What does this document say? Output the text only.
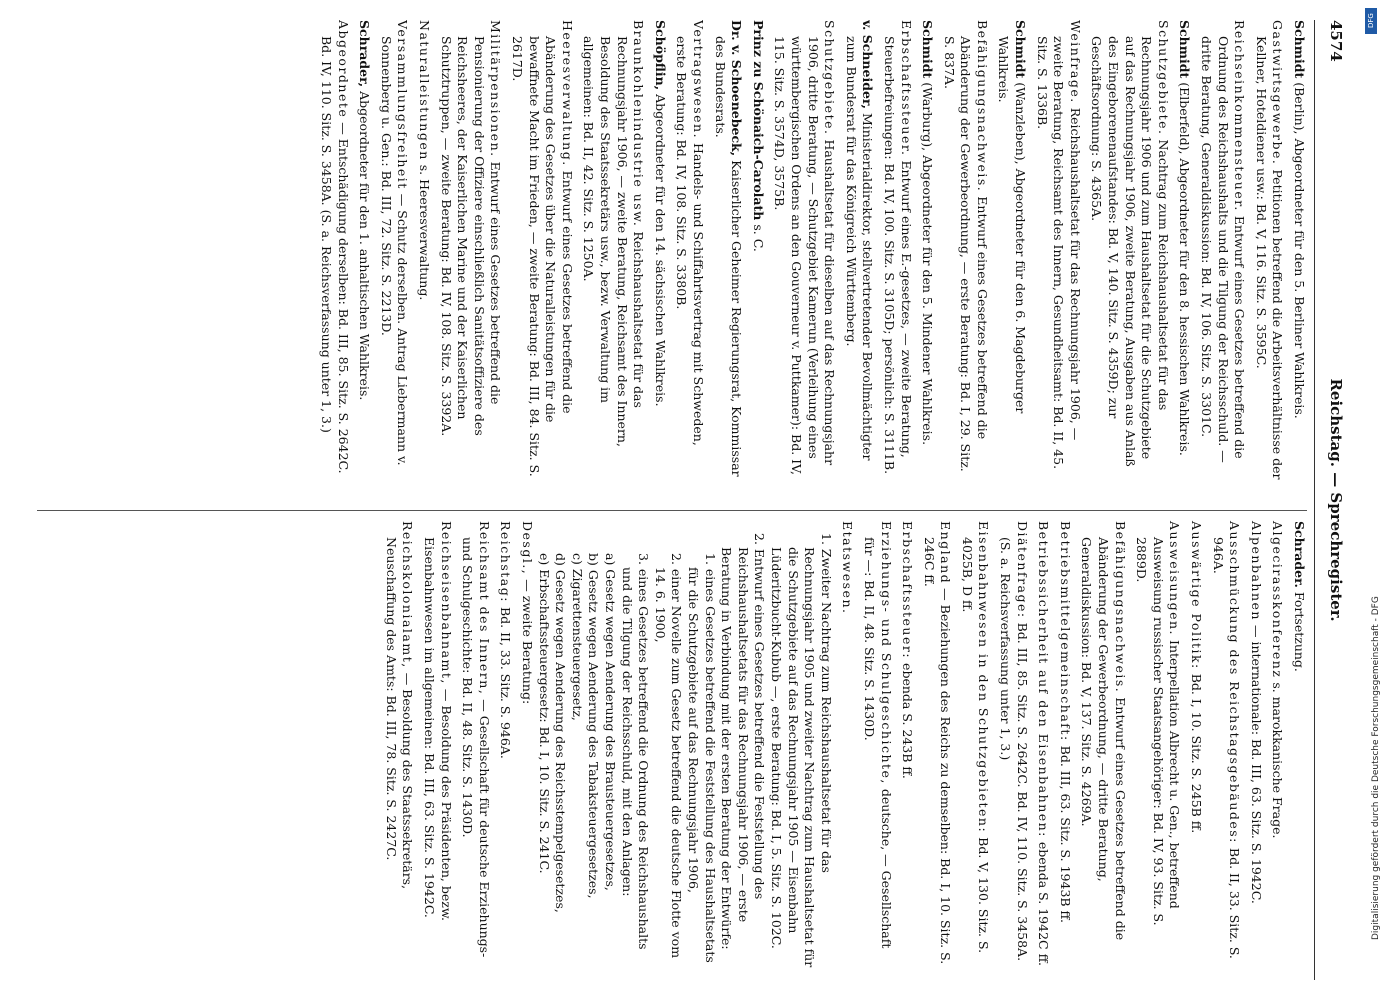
4574
Reichstag. — Sprechregister.

Schmidt (Berlin), Abgeordneter für den 5. Berliner Wahlkreis.

Gastwirtsgewerbe. Petitionen betreffend die Arbeitsverhältnisse der Kellner, Hoteldiener usw.: Bd. V, 116. Sitz. S. 3595C.

Reichseinkommensteuer. Entwurf eines Gesetzes betreffend die Ordnung des Reichshaushalts und die Tilgung der Reichsschuld. — dritte Beratung, Generaldiskussion: Bd. IV, 106. Sitz. S. 3301C.

Schmidt (Elberfeld), Abgeordneter für den 8. hessischen Wahlkreis.

Schutzgebiete. Nachtrag zum Reichshaushaltsetat für das Rechnungsjahr 1906 und zum Haushaltsetat für die Schutzgebiete auf das Rechnungsjahr 1906, zweite Beratung, Ausgaben aus Anlaß des Eingeborenenaufstandes: Bd. V, 140. Sitz. S. 4359D; zur Geschäftsordnung: S. 4365A.

Weinfrage. Reichshaushaltsetat für das Rechnungsjahr 1906, — zweite Beratung, Reichsamt des Innern, Gesundheitsamt: Bd. II, 45. Sitz. S. 1336B.

Schmidt (Wanzleben), Abgeordneter für den 6. Magdeburger Wahlkreis.

Befähigungsnachweis. Entwurf eines Gesetzes betreffend die Abänderung der Gewerbeordnung, — erste Beratung: Bd. I, 29. Sitz. S. 837A.

Schmidt (Warburg), Abgeordneter für den 5. Mindener Wahlkreis.

Erbschaftssteuer. Entwurf eines E.-gesetzes, — zweite Beratung, Steuerbefreiungen: Bd. IV, 100. Sitz. S. 3105D; persönlich: S. 3111B.

v. Schneider, Ministerialdirektor, stellvertretender Bevollmächtigter zum Bundesrat für das Königreich Württemberg.

Schutzgebiete. Haushaltsetat für dieselben auf das Rechnungsjahr 1906, dritte Beratung, — Schutzgebiet Kamerun (Verleihung eines württembergischen Ordens an den Gouverneur v. Puttkamer): Bd. IV, 115. Sitz. S. 3574D, 3575B.

Prinz zu Schönaich-Carolath s. C.

Dr. v. Schoenebeck, Kaiserlicher Geheimer Regierungsrat, Kommissar des Bundesrats.

Vertragswesen. Handels- und Schiffahrtsvertrag mit Schweden, erste Beratung: Bd. IV, 108. Sitz. S. 3380B.

Schöpflin, Abgeordneter für den 14. sächsischen Wahlkreis.

Braunkohlenindustrie usw. Reichshaushaltsetat für das Rechnungsjahr 1906, — zweite Beratung, Reichsamt des Innern, Besoldung des Staatssekretärs usw., bezw. Verwaltung im allgemeinen: Bd. II, 42. Sitz. S. 1250A.

Heeresverwaltung. Entwurf eines Gesetzes betreffend die Abänderung des Gesetzes über die Naturalleistungen für die bewaffnete Macht im Frieden, — zweite Beratung: Bd. III, 84. Sitz. S. 2617D.

Militärpensionen. Entwurf eines Gesetzes betreffend die Pensionierung der Offiziere einschließlich Sanitätsoffiziere des Reichsheeres, der Kaiserlichen Marine und der Kaiserlichen Schutztruppen, — zweite Beratung: Bd. IV, 108. Sitz. S. 3392A.

Naturalleistungen s. Heeresverwaltung.

Versammlungsfreiheit — Schutz derselben. Antrag Liebermann v. Sonnenberg u. Gen.: Bd. III, 72. Sitz. S. 2213D.

Schrader, Abgeordneter für den 1. anhaltischen Wahlkreis.

Abgeordnete — Entschädigung derselben: Bd. III, 85. Sitz. S. 2642C. Bd. IV, 110. Sitz. S. 3458A. (S. a. Reichsverfassung unter 1, 3.)

Schrader. Fortsetzung.

Algecirasskonferenz s. marokkanische Frage.

Alpenbahnen — internationale: Bd. III, 63. Sitz. S. 1942C.

Ausschmückung des Reichstagsgebäudes: Bd. II, 33. Sitz. S. 946A.

Auswärtige Politik: Bd. I, 10. Sitz. S. 245B ff.

Ausweisungen. Interpellation Albrecht u. Gen., betreffend Ausweisung russischer Staatsangehöriger: Bd. IV, 93. Sitz. S. 2889D.

Befähigungsnachweis. Entwurf eines Gesetzes betreffend die Abänderung der Gewerbeordnung, — dritte Beratung, Generaldiskussion: Bd. V, 137. Sitz. S. 4269A.

Betriebsmittelgemeinschaft: Bd. III, 63. Sitz. S. 1943B ff.

Betriebssicherheit auf den Eisenbahnen: ebenda S. 1942C ff.

Diätenfrage: Bd. III, 85. Sitz. S. 2642C. Bd. IV, 110. Sitz. S. 3458A. (S. a. Reichsverfassung unter 1, 3.)

Eisenbahnwesen in den Schutzgebieten: Bd. V, 130. Sitz. S. 4025B, D ff.

England — Beziehungen des Reichs zu demselben: Bd. I, 10. Sitz. S. 246C ff.

Erbschaftssteuer: ebenda S. 243B ff.

Erziehungs- und Schulgeschichte, deutsche, — Gesellschaft für —: Bd. II, 48. Sitz. S. 1430D.

Etatswesen.

1. Zweiter Nachtrag zum Reichshaushaltsetat für das Rechnungsjahr 1905 und zweiter Nachtrag zum Haushaltsetat für die Schutzgebiete auf das Rechnungsjahr 1905 — Eisenbahn Lüderitzbucht-Kubub —, erste Beratung: Bd. I, 5. Sitz. S. 102C.

2. Entwurf eines Gesetzes betreffend die Feststellung des Reichshaushaltsetats für das Rechnungsjahr 1906, — erste Beratung in Verbindung mit der ersten Beratung der Entwürfe:

1. eines Gesetzes betreffend die Feststellung des Haushaltsetats für die Schutzgebiete auf das Rechnungsjahr 1906,

2. einer Novelle zum Gesetz betreffend die deutsche Flotte vom 14. 6. 1900,

3. eines Gesetzes betreffend die Ordnung des Reichshaushalts und die Tilgung der Reichsschuld, mit den Anlagen:

a) Gesetz wegen Aenderung des Brausteuergesetzes,

b) Gesetz wegen Aenderung des Tabaksteuergesetzes,

c) Zigarettensteuergesetz,

d) Gesetz wegen Aenderung des Reichsstempelgesetzes,

e) Erbschaftssteuergesetz: Bd. I, 10. Sitz. S. 241C.

Desgl., — zweite Beratung:

Reichstag: Bd. II, 33. Sitz. S. 946A.

Reichsamt des Innern, — Gesellschaft für deutsche Erziehungs- und Schulgeschichte: Bd. II, 48. Sitz. S. 1430D.

Reichseisenbahnamt, — Besoldung des Präsidenten, bezw. Eisenbahnwesen im allgemeinen: Bd. III, 63. Sitz. S. 1942C.

Reichskolonialamt, — Besoldung des Staatssekretärs, Neuschaffung des Amts: Bd. III, 78. Sitz. S. 2427C.

DFG
Digitalisierung gefördert durch die Deutsche Forschungsgemeinschaft - DFG
